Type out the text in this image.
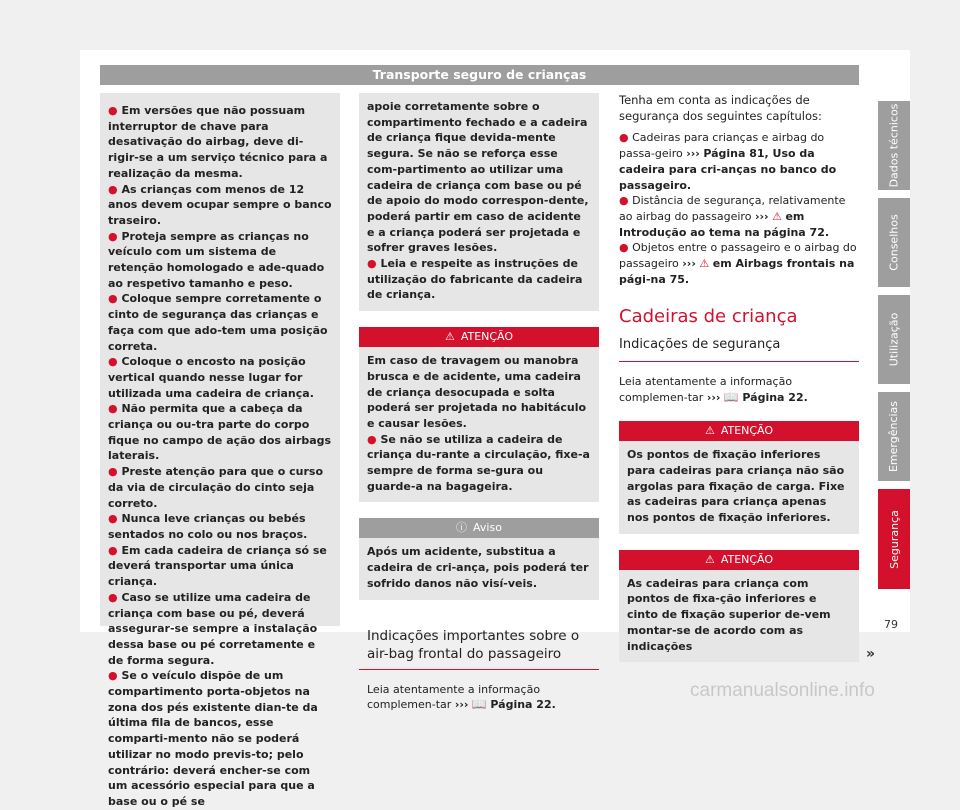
Transporte seguro de crianças
● Em versões que não possuam interruptor de chave para desativação do airbag, deve di-rigir-se a um serviço técnico para a realização da mesma.
● As crianças com menos de 12 anos devem ocupar sempre o banco traseiro.
● Proteja sempre as crianças no veículo com um sistema de retenção homologado e ade-quado ao respetivo tamanho e peso.
● Coloque sempre corretamente o cinto de segurança das crianças e faça com que ado-tem uma posição correta.
● Coloque o encosto na posição vertical quando nesse lugar for utilizada uma cadeira de criança.
● Não permita que a cabeça da criança ou ou-tra parte do corpo fique no campo de ação dos airbags laterais.
● Preste atenção para que o curso da via de circulação do cinto seja correto.
● Nunca leve crianças ou bebés sentados no colo ou nos braços.
● Em cada cadeira de criança só se deverá transportar uma única criança.
● Caso se utilize uma cadeira de criança com base ou pé, deverá assegurar-se sempre a instalação dessa base ou pé corretamente e de forma segura.
● Se o veículo dispõe de um compartimento porta-objetos na zona dos pés existente dian-te da última fila de bancos, esse comparti-mento não se poderá utilizar no modo previs-to; pelo contrário: deverá encher-se com um acessório especial para que a base ou o pé se
apoie corretamente sobre o compartimento fechado e a cadeira de criança fique devida-mente segura. Se não se reforça esse com-partimento ao utilizar uma cadeira de criança com base ou pé de apoio do modo correspon-dente, poderá partir em caso de acidente e a criança poderá ser projetada e sofrer graves lesões.
● Leia e respeite as instruções de utilização do fabricante da cadeira de criança.
⚠ ATENÇÃO
Em caso de travagem ou manobra brusca e de acidente, uma cadeira de criança desocupada e solta poderá ser projetada no habitáculo e causar lesões.
● Se não se utiliza a cadeira de criança du-rante a circulação, fixe-a sempre de forma se-gura ou guarde-a na bagageira.
ⓘ Aviso
Após um acidente, substitua a cadeira de cri-ança, pois poderá ter sofrido danos não visí-veis.
Indicações importantes sobre o air-bag frontal do passageiro
Leia atentamente a informação complemen-tar ››› 📖 Página 22.
Tenha em conta as indicações de segurança dos seguintes capítulos:
● Cadeiras para crianças e airbag do passa-geiro ››› Página 81, Uso da cadeira para cri-anças no banco do passageiro.
● Distância de segurança, relativamente ao airbag do passageiro ››› ⚠ em Introdução ao tema na página 72.
● Objetos entre o passageiro e o airbag do passageiro ››› ⚠ em Airbags frontais na pági-na 75.
Cadeiras de criança
Indicações de segurança
Leia atentamente a informação complemen-tar ››› 📖 Página 22.
⚠ ATENÇÃO
Os pontos de fixação inferiores para cadeiras para criança não são argolas para fixação de carga. Fixe as cadeiras para criança apenas nos pontos de fixação inferiores.
⚠ ATENÇÃO
As cadeiras para criança com pontos de fixa-ção inferiores e cinto de fixação superior de-vem montar-se de acordo com as indicações	»
Dados técnicos
Conselhos
Utilização
Emergências
Segurança
79
carmanualsonline.info
